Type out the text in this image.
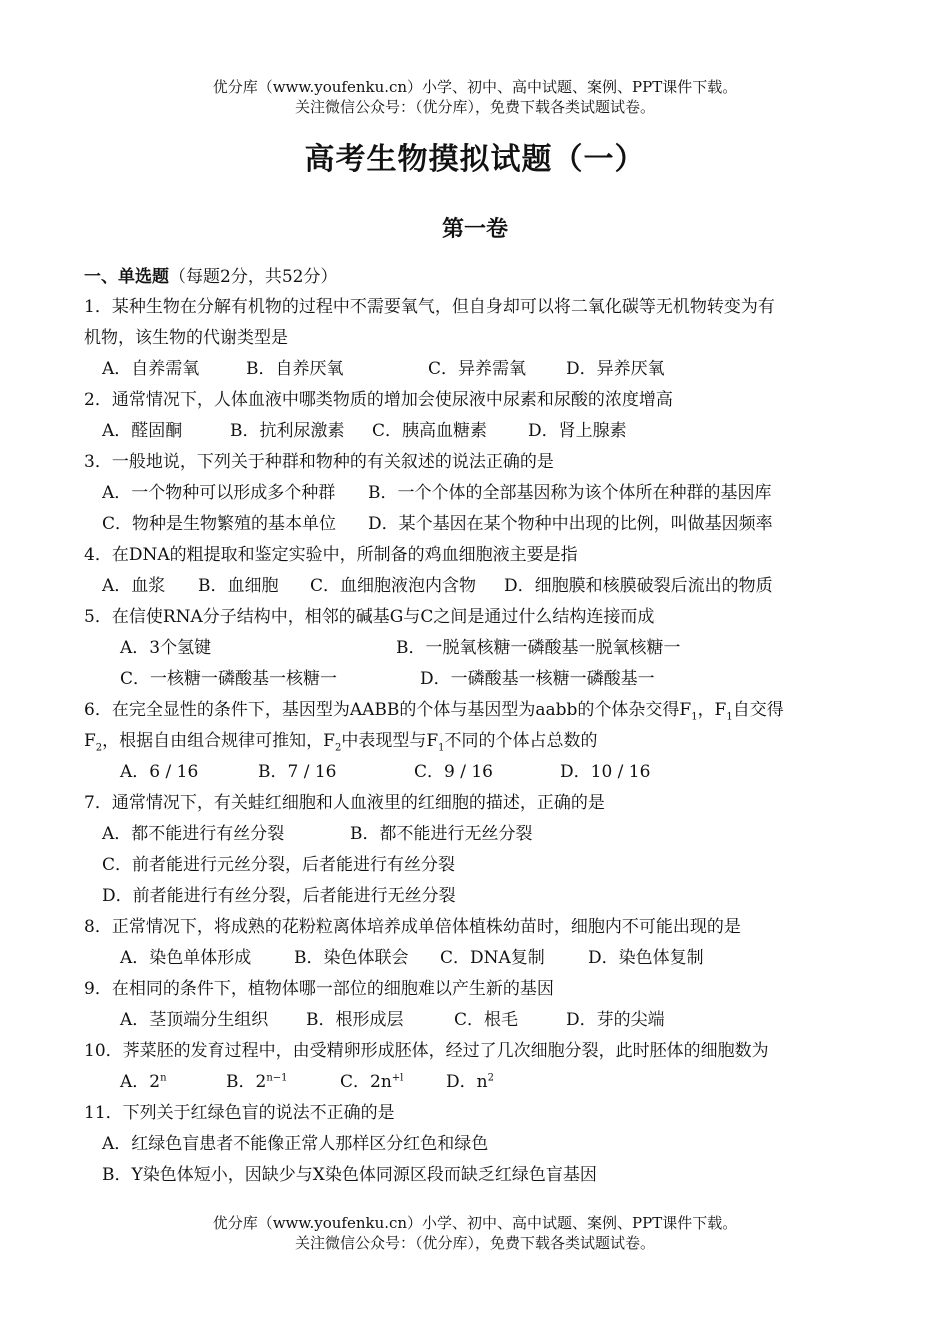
优分库（www.youfenku.cn）小学、初中、高中试题、案例、PPT课件下载。
关注微信公众号：（优分库），免费下载各类试题试卷。
高考生物摸拟试题（一）
第一卷
一、单选题（每题2分，共52分）
1．某种生物在分解有机物的过程中不需要氧气，但自身却可以将二氧化碳等无机物转变为有
机物，该生物的代谢类型是
A．自养需氧	B．自养厌氧	C．异养需氧 D．异养厌氧
2．通常情况下，人体血液中哪类物质的增加会使尿液中尿素和尿酸的浓度增高
A．醛固酮	B．抗利尿激素 C．胰高血糖素 D．肾上腺素
3．一般地说，下列关于种群和物种的有关叙述的说法正确的是
A．一个物种可以形成多个种群 B．一个个体的全部基因称为该个体所在种群的基因库
C．物种是生物繁殖的基本单位 D．某个基因在某个物种中出现的比例，叫做基因频率
4．在DNA的粗提取和鉴定实验中，所制备的鸡血细胞液主要是指
A．血浆 B．血细胞 C．血细胞液泡内含物 D．细胞膜和核膜破裂后流出的物质
5．在信使RNA分子结构中，相邻的碱基G与C之间是通过什么结构连接而成
A．3个氢键	B．一脱氧核糖一磷酸基一脱氧核糖一
C．一核糖一磷酸基一核糖一	D．一磷酸基一核糖一磷酸基一
6．在完全显性的条件下，基因型为AABB的个体与基因型为aabb的个体杂交得$F_1$，$F_1$自交得
$F_2$，根据自由组合规律可推知，$F_2$中表现型与$F_1$不同的个体占总数的
A．6 / 16	B．7 / 16	C．9 / 16	D．10 / 16
7．通常情况下，有关蛙红细胞和人血液里的红细胞的描述，正确的是
A．都不能进行有丝分裂	B．都不能进行无丝分裂
C．前者能进行元丝分裂，后者能进行有丝分裂
D．前者能进行有丝分裂，后者能进行无丝分裂
8．正常情况下，将成熟的花粉粒离体培养成单倍体植株幼苗时，细胞内不可能出现的是
A．染色单体形成	B．染色体联会 C．DNA复制	D．染色体复制
9．在相同的条件下，植物体哪一部位的细胞难以产生新的基因
A．茎顶端分生组织 B．根形成层	C．根毛	D．芽的尖端
10．荠菜胚的发育过程中，由受精卵形成胚体，经过了几次细胞分裂，此时胚体的细胞数为
A．2$^n$	B．$2^{n-1}$	C．$2n^{+l}$	D．$n^2$
11．下列关于红绿色盲的说法不正确的是
A．红绿色盲患者不能像正常人那样区分红色和绿色
B．Y染色体短小，因缺少与X染色体同源区段而缺乏红绿色盲基因
优分库（www.youfenku.cn）小学、初中、高中试题、案例、PPT课件下载。
关注微信公众号：（优分库），免费下载各类试题试卷。
